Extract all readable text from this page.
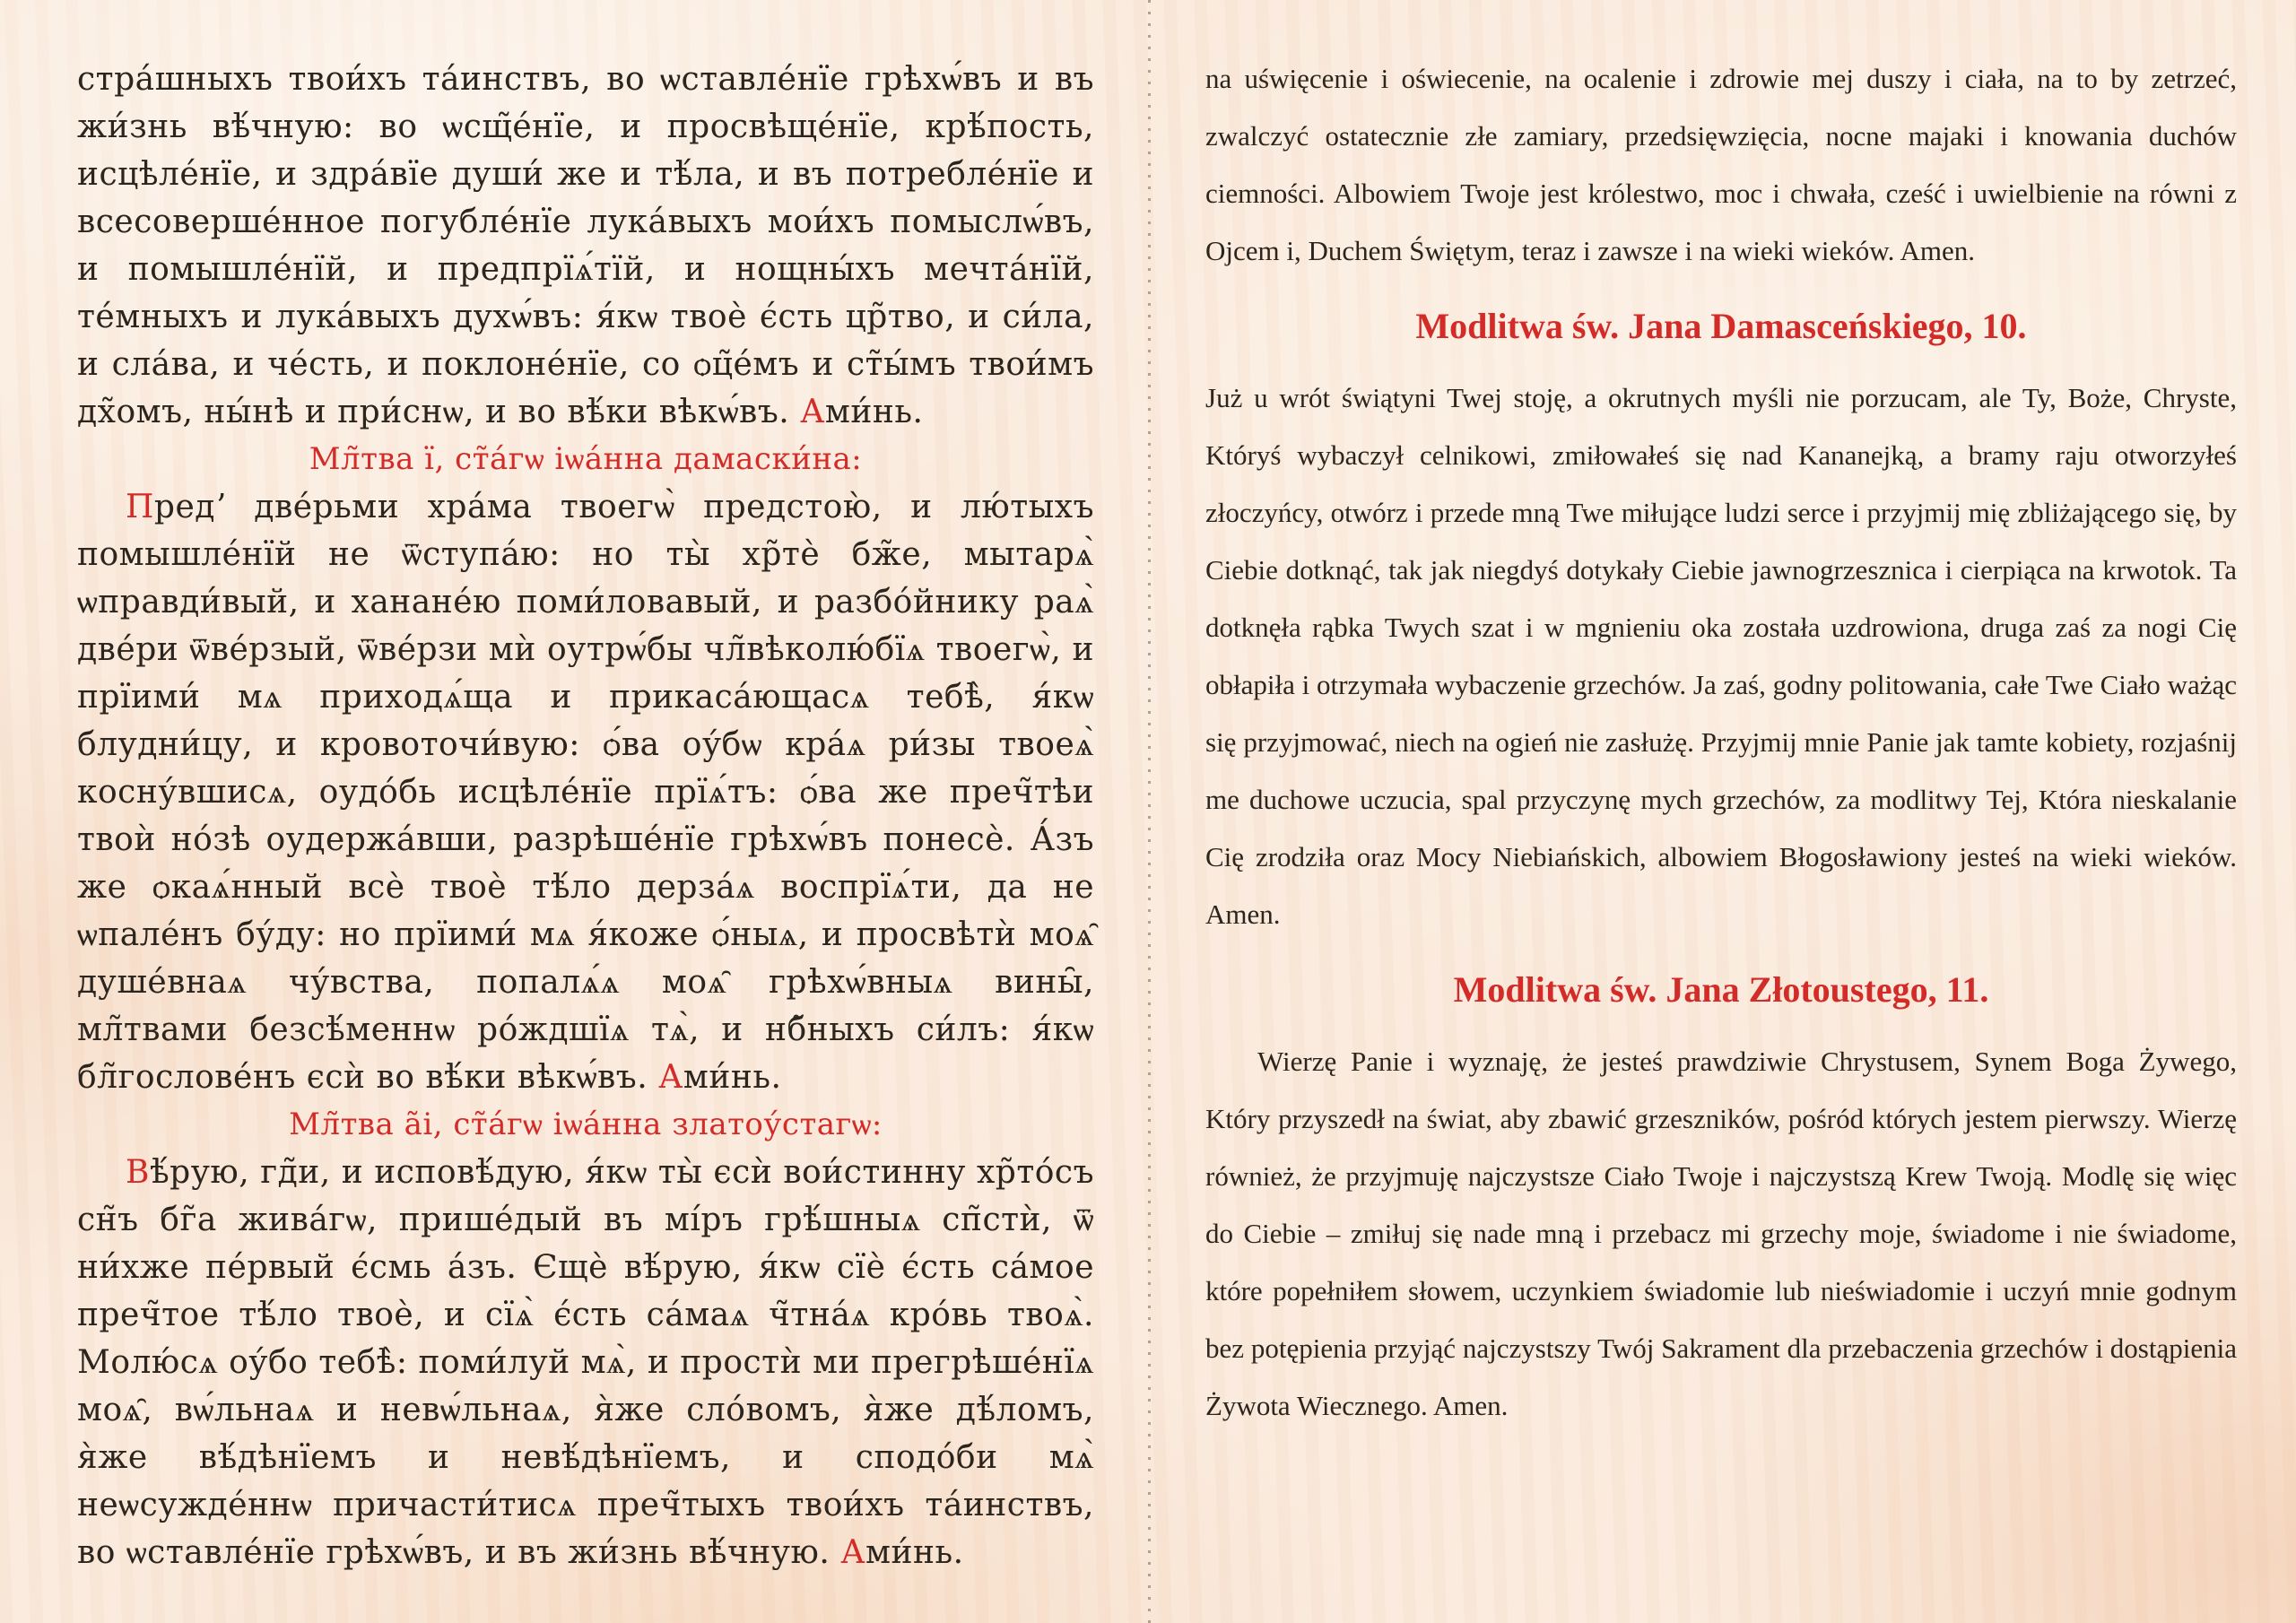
стра́шныхъ твои́хъ та́инствъ, во ѡставле́нїе грѣхѡ́въ и въ жи́знь вѣ́чную: во ѡсщ̃е́нїе, и просвѣще́нїе, крѣ́пость, исцѣле́нїе, и здра́вїе души́ же и тѣ́ла, и въ потребле́нїе и всесоверше́нное погубле́нїе лука́выхъ мои́хъ помыслѡ́въ, и помышле́нїй, и предпрїѧ́тїй, и нощны́хъ мечта́нїй, те́мныхъ и лука́выхъ духѡ́въ: я́кѡ твоѐ є́сть цр̃тво, и си́ла, и сла́ва, и че́сть, и поклоне́нїе, со ѻц̃е́мъ и ст̃ы́мъ твои́мъ дх̃омъ, ны́нѣ и при́снѡ, и во вѣ́ки вѣкѡ́въ. Ами́нь.

Мл̃тва ї, ст̃а́гѡ іѡа́нна дамаски́на:

Предʼ две́рьми хра́ма твоегѡ̀ предстою̀, и лю́тыхъ помышле́нїй не ѿступа́ю: но ты̀ хр̃тѐ бж̃е, мытарѧ̀ ѡправди́вый, и ханане́ю поми́ловавый, и разбо́йнику раѧ̀ две́ри ѿве́рзый, ѿве́рзи мѝ оутрѡ́бы чл̃вѣколю́бїѧ твоегѡ̀, и прїими́ мѧ приходѧ́ща и прикаса́ющасѧ тебѣ̀, я́кѡ блудни́цу, и кровоточи́вую: ѻ́ва оу́бѡ кра́ѧ ри́зы твоеѧ̀ косну́вшисѧ, оудо́бь исцѣле́нїе прїѧ́тъ: ѻ́ва же преч̃тѣи твоѝ но́зѣ оудержа́вши, разрѣше́нїе грѣхѡ́въ понесѐ. А́зъ же ѻкаѧ́нный всѐ твоѐ тѣ́ло дерза́ѧ воспрїѧ́ти, да не ѡпале́нъ бу́ду: но прїими́ мѧ я́коже ѻ́ныѧ, и просвѣтѝ моѧ̑ душе́внаѧ чу́вства, попалѧ́ѧ моѧ̑ грѣхѡ́вныѧ вины̑, мл̃твами безсѣ́меннѡ ро́ждшїѧ тѧ̀, и нб̃ныхъ си́лъ: я́кѡ бл̃гослове́нъ єсѝ во вѣ́ки вѣкѡ́въ. Ами́нь.

Мл̃тва а̃і, ст̃а́гѡ іѡа́нна златоу́стагѡ:

Вѣ́рую, гд̃и, и исповѣ́дую, я́кѡ ты̀ єсѝ вои́стинну хр̃то́съ сн̃ъ бг̃а жива́гѡ, прише́дый въ мі́ръ грѣ́шныѧ сп̃стѝ, ѿ ни́хже пе́рвый є́смь а́зъ. Єщѐ вѣ́рую, я́кѡ сїѐ є́сть са́мое преч̃тое тѣ́ло твоѐ, и сїѧ̀ є́сть са́маѧ ч̃тна́ѧ кро́вь твоѧ̀. Молю́сѧ оу́бо тебѣ̀: поми́луй мѧ̀, и простѝ ми прегрѣше́нїѧ моѧ̑, вѡ́льнаѧ и невѡ́льнаѧ, я̀же сло́вомъ, я̀же дѣ́ломъ, я̀же вѣ́дѣнїемъ и невѣ́дѣнїемъ, и сподо́би мѧ̀ неѡсужде́ннѡ причасти́тисѧ преч̃тыхъ твои́хъ та́инствъ, во ѡставле́нїе грѣхѡ́въ, и въ жи́знь вѣ́чную. Ами́нь.

na uświęcenie i oświecenie, na ocalenie i zdrowie mej duszy i ciała, na to by zetrzeć, zwalczyć ostatecznie złe zamiary, przedsięwzięcia, nocne majaki i knowania duchów ciemności. Albowiem Twoje jest królestwo, moc i chwała, cześć i uwielbienie na równi z Ojcem i, Duchem Świętym, teraz i zawsze i na wieki wieków. Amen.

Modlitwa św. Jana Damasceńskiego, 10.

Już u wrót świątyni Twej stoję, a okrutnych myśli nie porzucam, ale Ty, Boże, Chryste, Któryś wybaczył celnikowi, zmiłowałeś się nad Kananejką, a bramy raju otworzyłeś złoczyńcy, otwórz i przede mną Twe miłujące ludzi serce i przyjmij mię zbliżającego się, by Ciebie dotknąć, tak jak niegdyś dotykały Ciebie jawnogrzesznica i cierpiąca na krwotok. Ta dotknęła rąbka Twych szat i w mgnieniu oka została uzdrowiona, druga zaś za nogi Cię obłapiła i otrzymała wybaczenie grzechów. Ja zaś, godny politowania, całe Twe Ciało ważąc się przyjmować, niech na ogień nie zasłużę. Przyjmij mnie Panie jak tamte kobiety, rozjaśnij me duchowe uczucia, spal przyczynę mych grzechów, za modlitwy Tej, Która nieskalanie Cię zrodziła oraz Mocy Niebiańskich, albowiem Błogosławiony jesteś na wieki wieków. Amen.

Modlitwa św. Jana Złotoustego, 11.

Wierzę Panie i wyznaję, że jesteś prawdziwie Chrystusem, Synem Boga Żywego, Który przyszedł na świat, aby zbawić grzeszników, pośród których jestem pierwszy. Wierzę również, że przyjmuję najczystsze Ciało Twoje i najczystszą Krew Twoją. Modlę się więc do Ciebie – zmiłuj się nade mną i przebacz mi grzechy moje, świadome i nie świadome, które popełniłem słowem, uczynkiem świadomie lub nieświadomie i uczyń mnie godnym bez potępienia przyjąć najczystszy Twój Sakrament dla przebaczenia grzechów i dostąpienia Żywota Wiecznego. Amen.
